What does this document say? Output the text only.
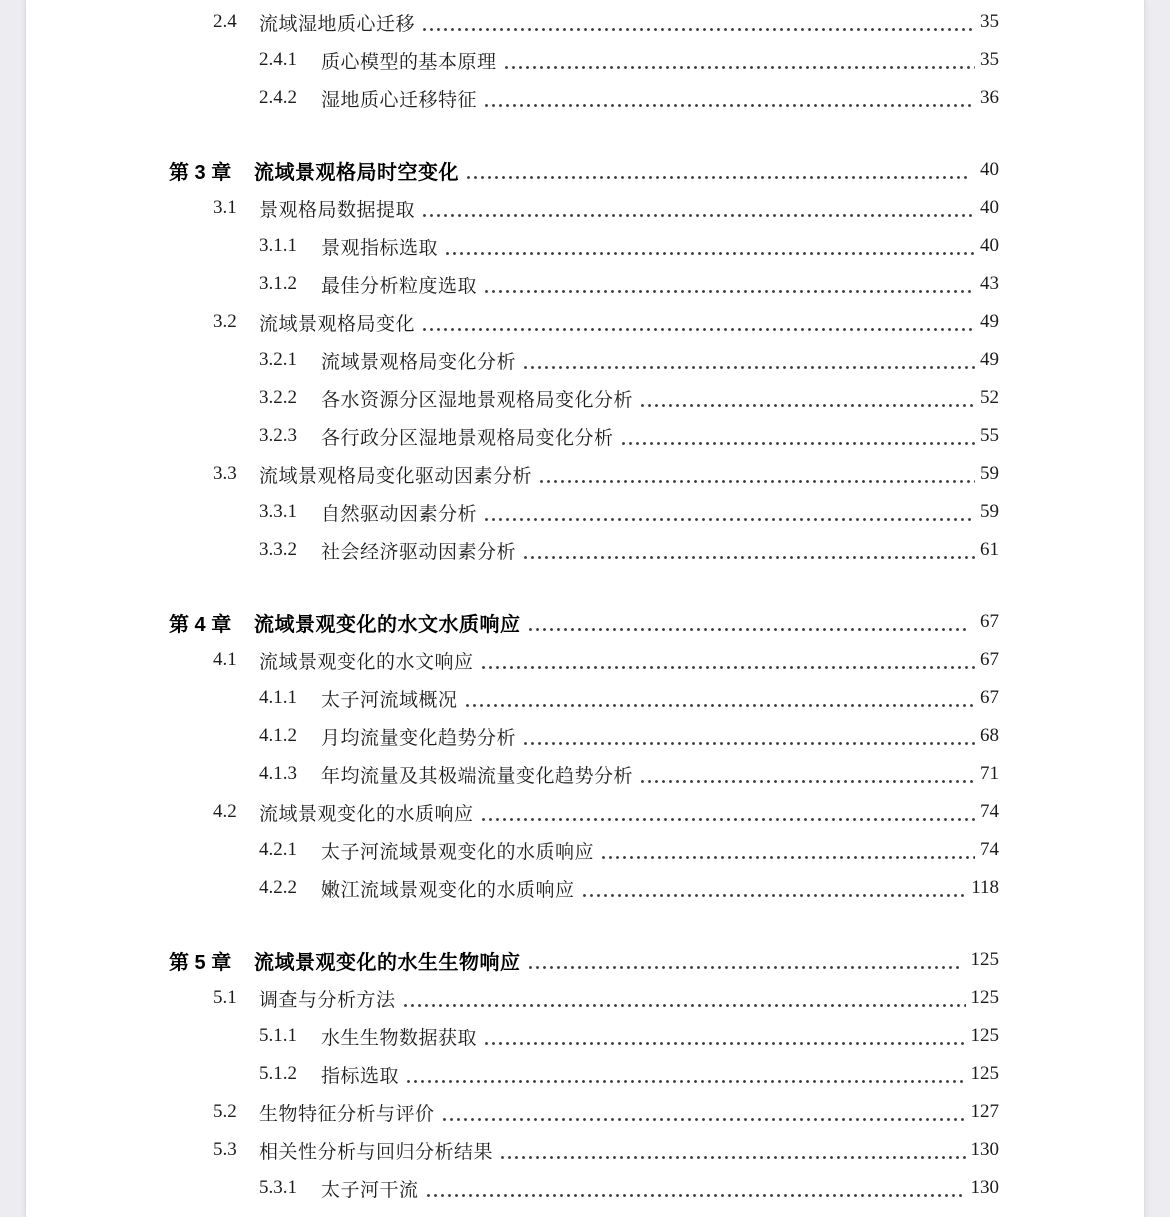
2.4	流域湿地质心迁移	35
2.4.1	质心模型的基本原理	35
2.4.2	湿地质心迁移特征	36
第 3 章	流域景观格局时空变化	40
3.1	景观格局数据提取	40
3.1.1	景观指标选取	40
3.1.2	最佳分析粒度选取	43
3.2	流域景观格局变化	49
3.2.1	流域景观格局变化分析	49
3.2.2	各水资源分区湿地景观格局变化分析	52
3.2.3	各行政分区湿地景观格局变化分析	55
3.3	流域景观格局变化驱动因素分析	59
3.3.1	自然驱动因素分析	59
3.3.2	社会经济驱动因素分析	61
第 4 章	流域景观变化的水文水质响应	67
4.1	流域景观变化的水文响应	67
4.1.1	太子河流域概况	67
4.1.2	月均流量变化趋势分析	68
4.1.3	年均流量及其极端流量变化趋势分析	71
4.2	流域景观变化的水质响应	74
4.2.1	太子河流域景观变化的水质响应	74
4.2.2	嫩江流域景观变化的水质响应	118
第 5 章	流域景观变化的水生生物响应	125
5.1	调查与分析方法	125
5.1.1	水生生物数据获取	125
5.1.2	指标选取	125
5.2	生物特征分析与评价	127
5.3	相关性分析与回归分析结果	130
5.3.1	太子河干流	130
